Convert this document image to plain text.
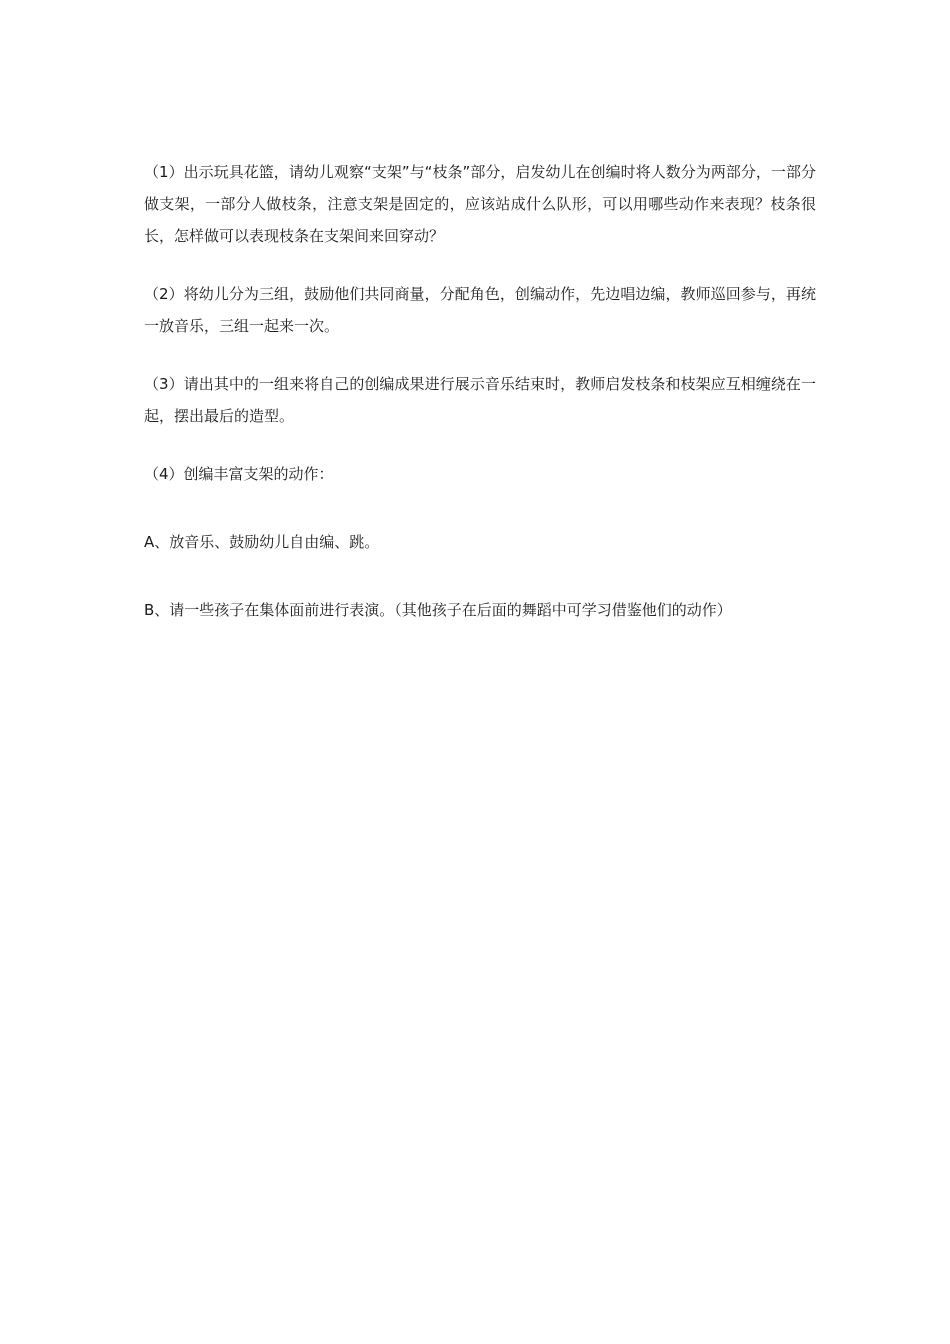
（1）出示玩具花篮，请幼儿观察“支架”与“枝条”部分，启发幼儿在创编时将人数分为两部分，一部分做支架，一部分人做枝条，注意支架是固定的，应该站成什么队形，可以用哪些动作来表现？枝条很长，怎样做可以表现枝条在支架间来回穿动？

（2）将幼儿分为三组，鼓励他们共同商量，分配角色，创编动作，先边唱边编，教师巡回参与，再统一放音乐，三组一起来一次。

（3）请出其中的一组来将自己的创编成果进行展示音乐结束时，教师启发枝条和枝架应互相缠绕在一起，摆出最后的造型。

（4）创编丰富支架的动作：

A、放音乐、鼓励幼儿自由编、跳。

B、请一些孩子在集体面前进行表演。（其他孩子在后面的舞蹈中可学习借鉴他们的动作）
